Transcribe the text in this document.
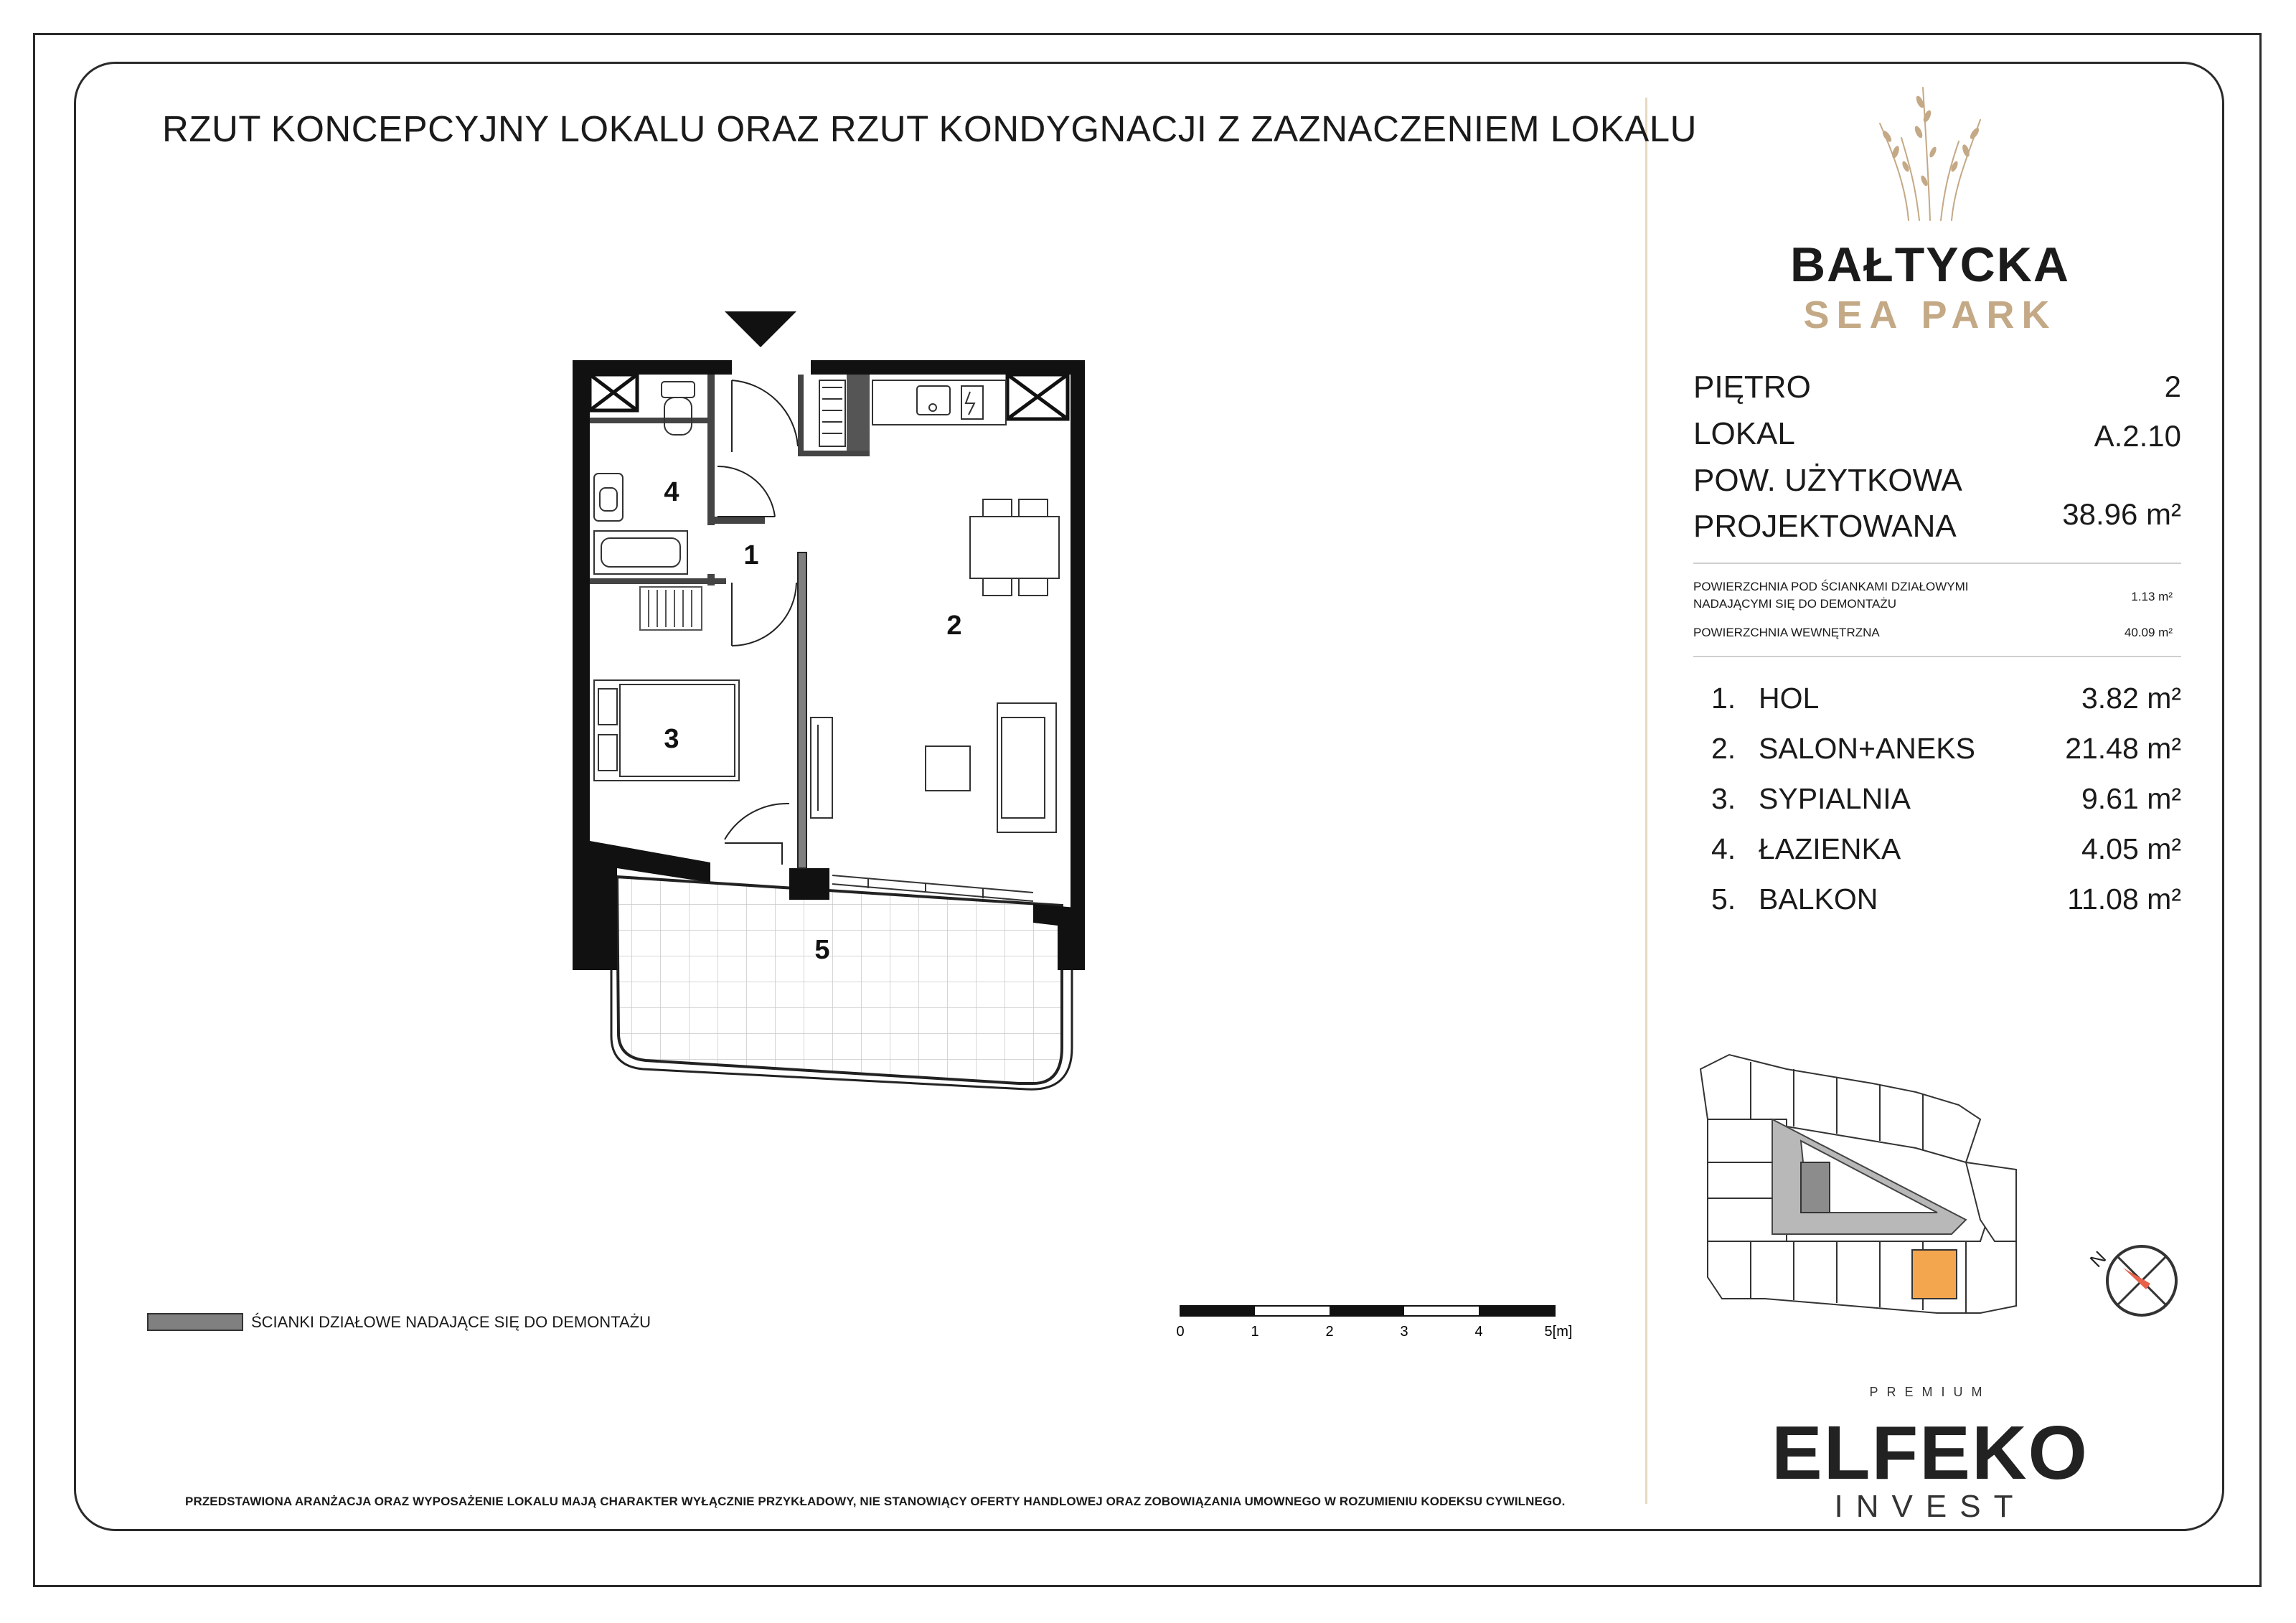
RZUT KONCEPCYJNY LOKALU ORAZ RZUT KONDYGNACJI Z ZAZNACZENIEM LOKALU
1
2
3
4
5
0	1	2	3	4	5[m]
ŚCIANKI DZIAŁOWE NADAJĄCE SIĘ DO DEMONTAŻU
PRZEDSTAWIONA ARANŻACJA ORAZ WYPOSAŻENIE LOKALU MAJĄ CHARAKTER WYŁĄCZNIE PRZYKŁADOWY, NIE STANOWIĄCY OFERTY HANDLOWEJ ORAZ ZOBOWIĄZANIA UMOWNEGO W ROZUMIENIU KODEKSU CYWILNEGO.
BAŁTYCKA
SEA PARK
PIĘTRO	2
LOKAL	A.2.10
POW. UŻYTKOWA
PROJEKTOWANA	38.96 m²
POWIERZCHNIA POD ŚCIANKAMI DZIAŁOWYMI
NADAJĄCYMI SIĘ DO DEMONTAŻU
1.13 m²
POWIERZCHNIA WEWNĘTRZNA	40.09 m²
1. HOL	3.82 m²
2. SALON+ANEKS	21.48 m²
3. SYPIALNIA	9.61 m²
4. ŁAZIENKA	4.05 m²
5. BALKON	11.08 m²
N
PREMIUM
ELFEKO
INVEST
